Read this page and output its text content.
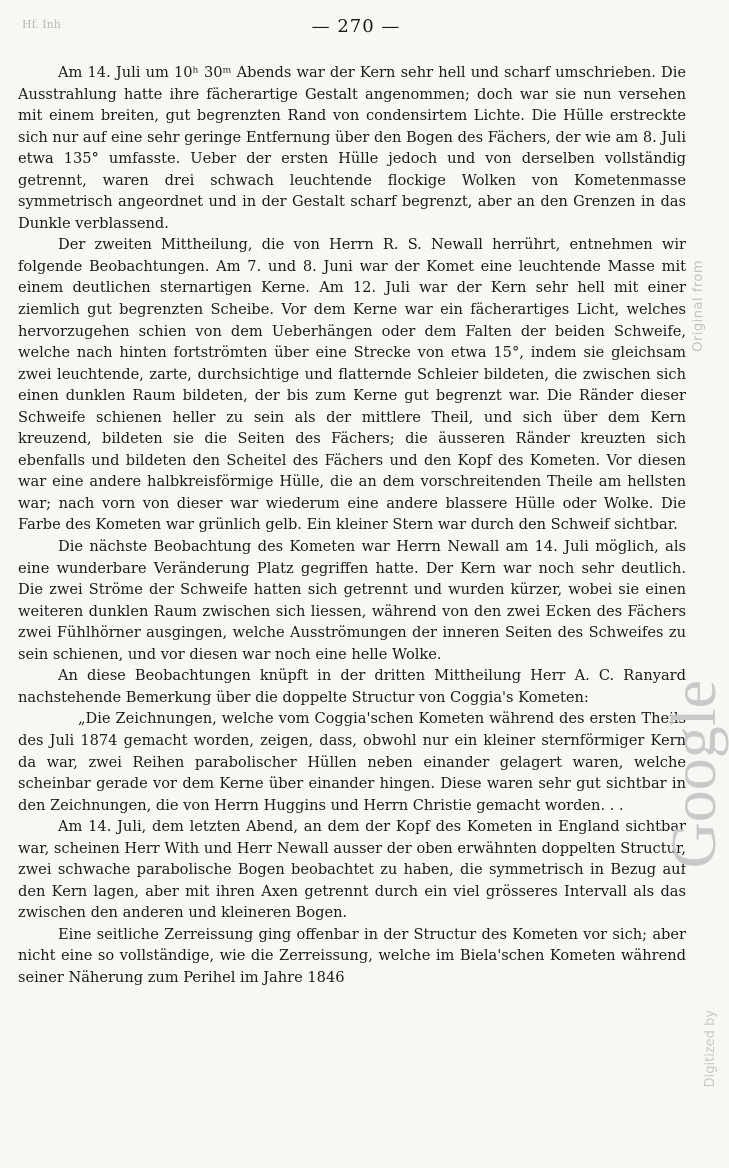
Hf. Inh	— 270 —

Am 14. Juli um 10ʰ 30ᵐ Abends war der Kern sehr hell und scharf umschrieben. Die Ausstrahlung hatte ihre fächerartige Gestalt angenommen; doch war sie nun versehen mit einem breiten, gut begrenzten Rand von condensirtem Lichte. Die Hülle erstreckte sich nur auf eine sehr geringe Entfernung über den Bogen des Fächers, der wie am 8. Juli etwa 135° umfasste. Ueber der ersten Hülle jedoch und von derselben vollständig getrennt, waren drei schwach leuchtende flockige Wolken von Kometenmasse symmetrisch angeordnet und in der Gestalt scharf begrenzt, aber an den Grenzen in das Dunkle verblassend.

Der zweiten Mittheilung, die von Herrn R. S. Newall herrührt, entnehmen wir folgende Beobachtungen. Am 7. und 8. Juni war der Komet eine leuchtende Masse mit einem deutlichen sternartigen Kerne. Am 12. Juli war der Kern sehr hell mit einer ziemlich gut begrenzten Scheibe. Vor dem Kerne war ein fächerartiges Licht, welches hervorzugehen schien von dem Ueberhängen oder dem Falten der beiden Schweife, welche nach hinten fortströmten über eine Strecke von etwa 15°, indem sie gleichsam zwei leuchtende, zarte, durchsichtige und flatternde Schleier bildeten, die zwischen sich einen dunklen Raum bildeten, der bis zum Kerne gut begrenzt war. Die Ränder dieser Schweife schienen heller zu sein als der mittlere Theil, und sich über dem Kern kreuzend, bildeten sie die Seiten des Fächers; die äusseren Ränder kreuzten sich ebenfalls und bildeten den Scheitel des Fächers und den Kopf des Kometen. Vor diesen war eine andere halbkreisförmige Hülle, die an dem vorschreitenden Theile am hellsten war; nach vorn von dieser war wiederum eine andere blassere Hülle oder Wolke. Die Farbe des Kometen war grünlich gelb. Ein kleiner Stern war durch den Schweif sichtbar.

Die nächste Beobachtung des Kometen war Herrn Newall am 14. Juli möglich, als eine wunderbare Veränderung Platz gegriffen hatte. Der Kern war noch sehr deutlich. Die zwei Ströme der Schweife hatten sich getrennt und wurden kürzer, wobei sie einen weiteren dunklen Raum zwischen sich liessen, während von den zwei Ecken des Fächers zwei Fühlhörner ausgingen, welche Ausströmungen der inneren Seiten des Schweifes zu sein schienen, und vor diesen war noch eine helle Wolke.

An diese Beobachtungen knüpft in der dritten Mittheilung Herr A. C. Ranyard nachstehende Bemerkung über die doppelte Structur von Coggia's Kometen:

„Die Zeichnungen, welche vom Coggia'schen Kometen während des ersten Theils des Juli 1874 gemacht worden, zeigen, dass, obwohl nur ein kleiner sternförmiger Kern da war, zwei Reihen parabolischer Hüllen neben einander gelagert waren, welche scheinbar gerade vor dem Kerne über einander hingen. Diese waren sehr gut sichtbar in den Zeichnungen, die von Herrn Huggins und Herrn Christie gemacht worden. . .

Am 14. Juli, dem letzten Abend, an dem der Kopf des Kometen in England sichtbar war, scheinen Herr With und Herr Newall ausser der oben erwähnten doppelten Structur, zwei schwache parabolische Bogen beobachtet zu haben, die symmetrisch in Bezug auf den Kern lagen, aber mit ihren Axen getrennt durch ein viel grösseres Intervall als das zwischen den anderen und kleineren Bogen.

Eine seitliche Zerreissung ging offenbar in der Structur des Kometen vor sich; aber nicht eine so vollständige, wie die Zerreissung, welche im Biela'schen Kometen während seiner Näherung zum Perihel im Jahre 1846

Original from
Digitized by
Google
